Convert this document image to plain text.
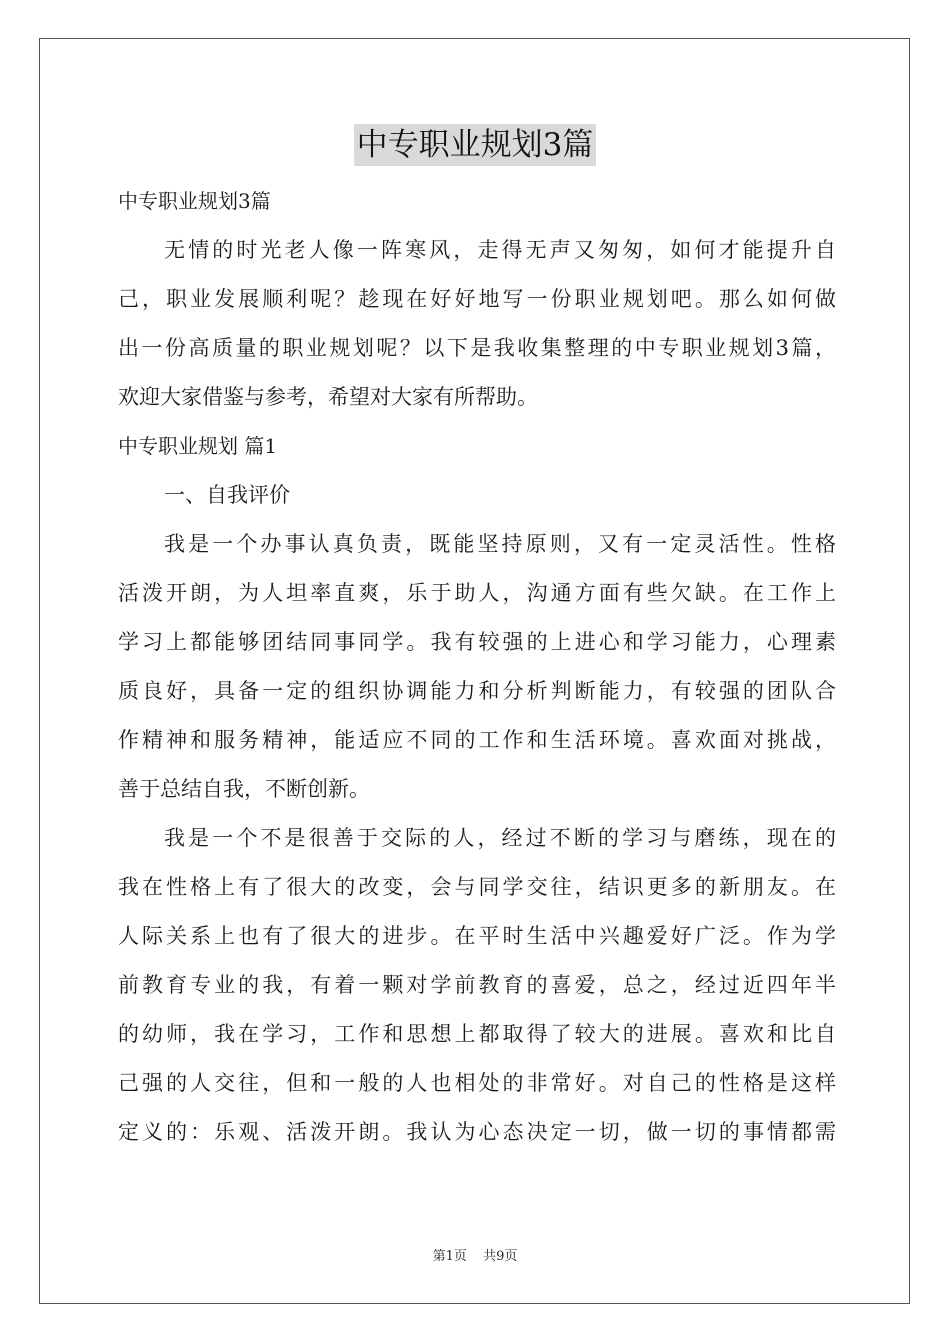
中专职业规划3篇
中专职业规划3篇
无情的时光老人像一阵寒风，走得无声又匆匆，如何才能提升自
己，职业发展顺利呢？趁现在好好地写一份职业规划吧。那么如何做
出一份高质量的职业规划呢？以下是我收集整理的中专职业规划3篇，
欢迎大家借鉴与参考，希望对大家有所帮助。
中专职业规划 篇1
一、自我评价
我是一个办事认真负责，既能坚持原则，又有一定灵活性。性格
活泼开朗，为人坦率直爽，乐于助人，沟通方面有些欠缺。在工作上
学习上都能够团结同事同学。我有较强的上进心和学习能力，心理素
质良好，具备一定的组织协调能力和分析判断能力，有较强的团队合
作精神和服务精神，能适应不同的工作和生活环境。喜欢面对挑战，
善于总结自我，不断创新。
我是一个不是很善于交际的人，经过不断的学习与磨练，现在的
我在性格上有了很大的改变，会与同学交往，结识更多的新朋友。在
人际关系上也有了很大的进步。在平时生活中兴趣爱好广泛。作为学
前教育专业的我，有着一颗对学前教育的喜爱，总之，经过近四年半
的幼师，我在学习，工作和思想上都取得了较大的进展。喜欢和比自
己强的人交往，但和一般的人也相处的非常好。对自己的性格是这样
定义的：乐观、活泼开朗。我认为心态决定一切，做一切的事情都需
第1页 共9页
